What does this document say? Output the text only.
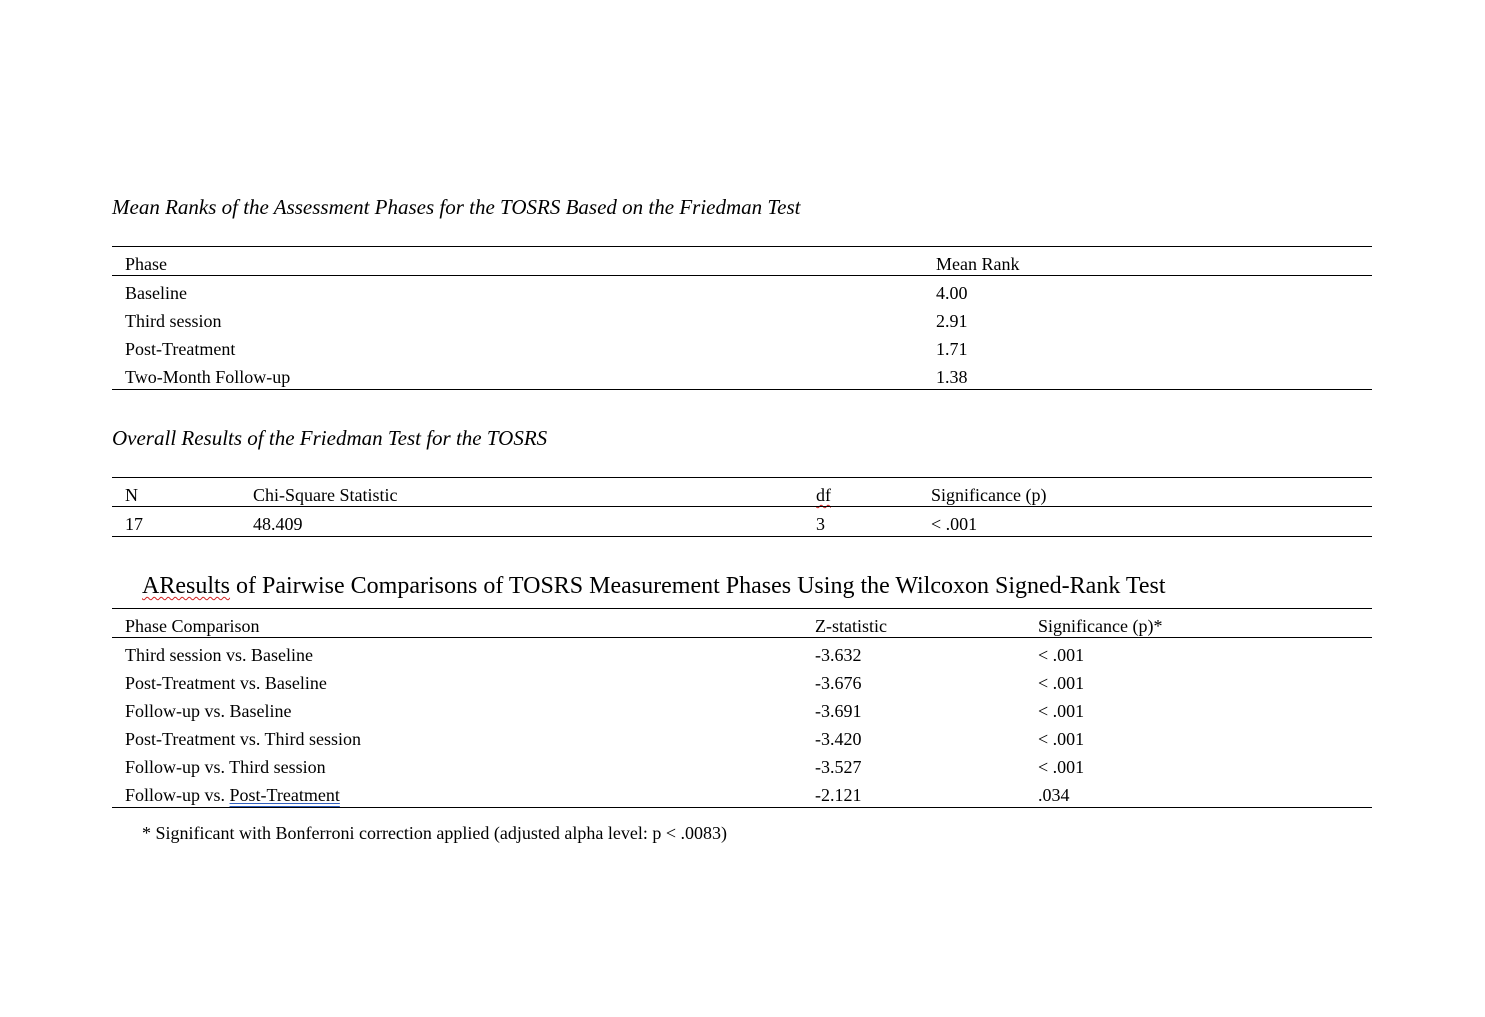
Mean Ranks of the Assessment Phases for the TOSRS Based on the Friedman Test
Phase	Mean Rank
Baseline	4.00
Third session	2.91
Post-Treatment	1.71
Two-Month Follow-up	1.38
Overall Results of the Friedman Test for the TOSRS
N	Chi-Square Statistic	df	Significance (p)
17	48.409	3	< .001
AResults of Pairwise Comparisons of TOSRS Measurement Phases Using the Wilcoxon Signed-Rank Test
Phase Comparison	Z-statistic	Significance (p)*
Third session vs. Baseline	-3.632	< .001
Post-Treatment vs. Baseline	-3.676	< .001
Follow-up vs. Baseline	-3.691	< .001
Post-Treatment vs. Third session	-3.420	< .001
Follow-up vs. Third session	-3.527	< .001
Follow-up vs. Post-Treatment	-2.121	.034
* Significant with Bonferroni correction applied (adjusted alpha level: p < .0083)
